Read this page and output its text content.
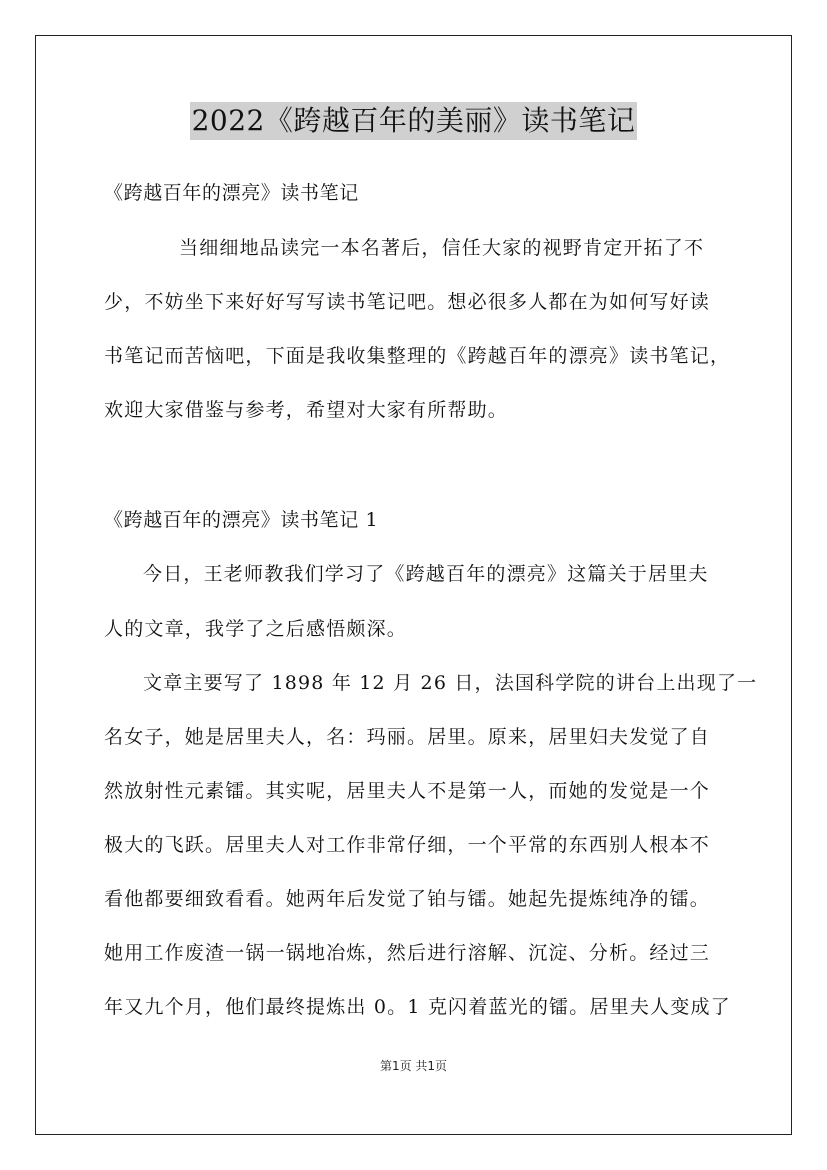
2022《跨越百年的美丽》读书笔记
《跨越百年的漂亮》读书笔记
当细细地品读完一本名著后，信任大家的视野肯定开拓了不
少，不妨坐下来好好写写读书笔记吧。想必很多人都在为如何写好读
书笔记而苦恼吧，下面是我收集整理的《跨越百年的漂亮》读书笔记，
欢迎大家借鉴与参考，希望对大家有所帮助。
《跨越百年的漂亮》读书笔记 1
今日，王老师教我们学习了《跨越百年的漂亮》这篇关于居里夫
人的文章，我学了之后感悟颇深。
文章主要写了 1898 年 12 月 26 日，法国科学院的讲台上出现了一
名女子，她是居里夫人，名：玛丽。居里。原来，居里妇夫发觉了自
然放射性元素镭。其实呢，居里夫人不是第一人，而她的发觉是一个
极大的飞跃。居里夫人对工作非常仔细，一个平常的东西别人根本不
看他都要细致看看。她两年后发觉了铂与镭。她起先提炼纯净的镭。
她用工作废渣一锅一锅地冶炼，然后进行溶解、沉淀、分析。经过三
年又九个月，他们最终提炼出 0。1 克闪着蓝光的镭。居里夫人变成了
第1页 共1页
